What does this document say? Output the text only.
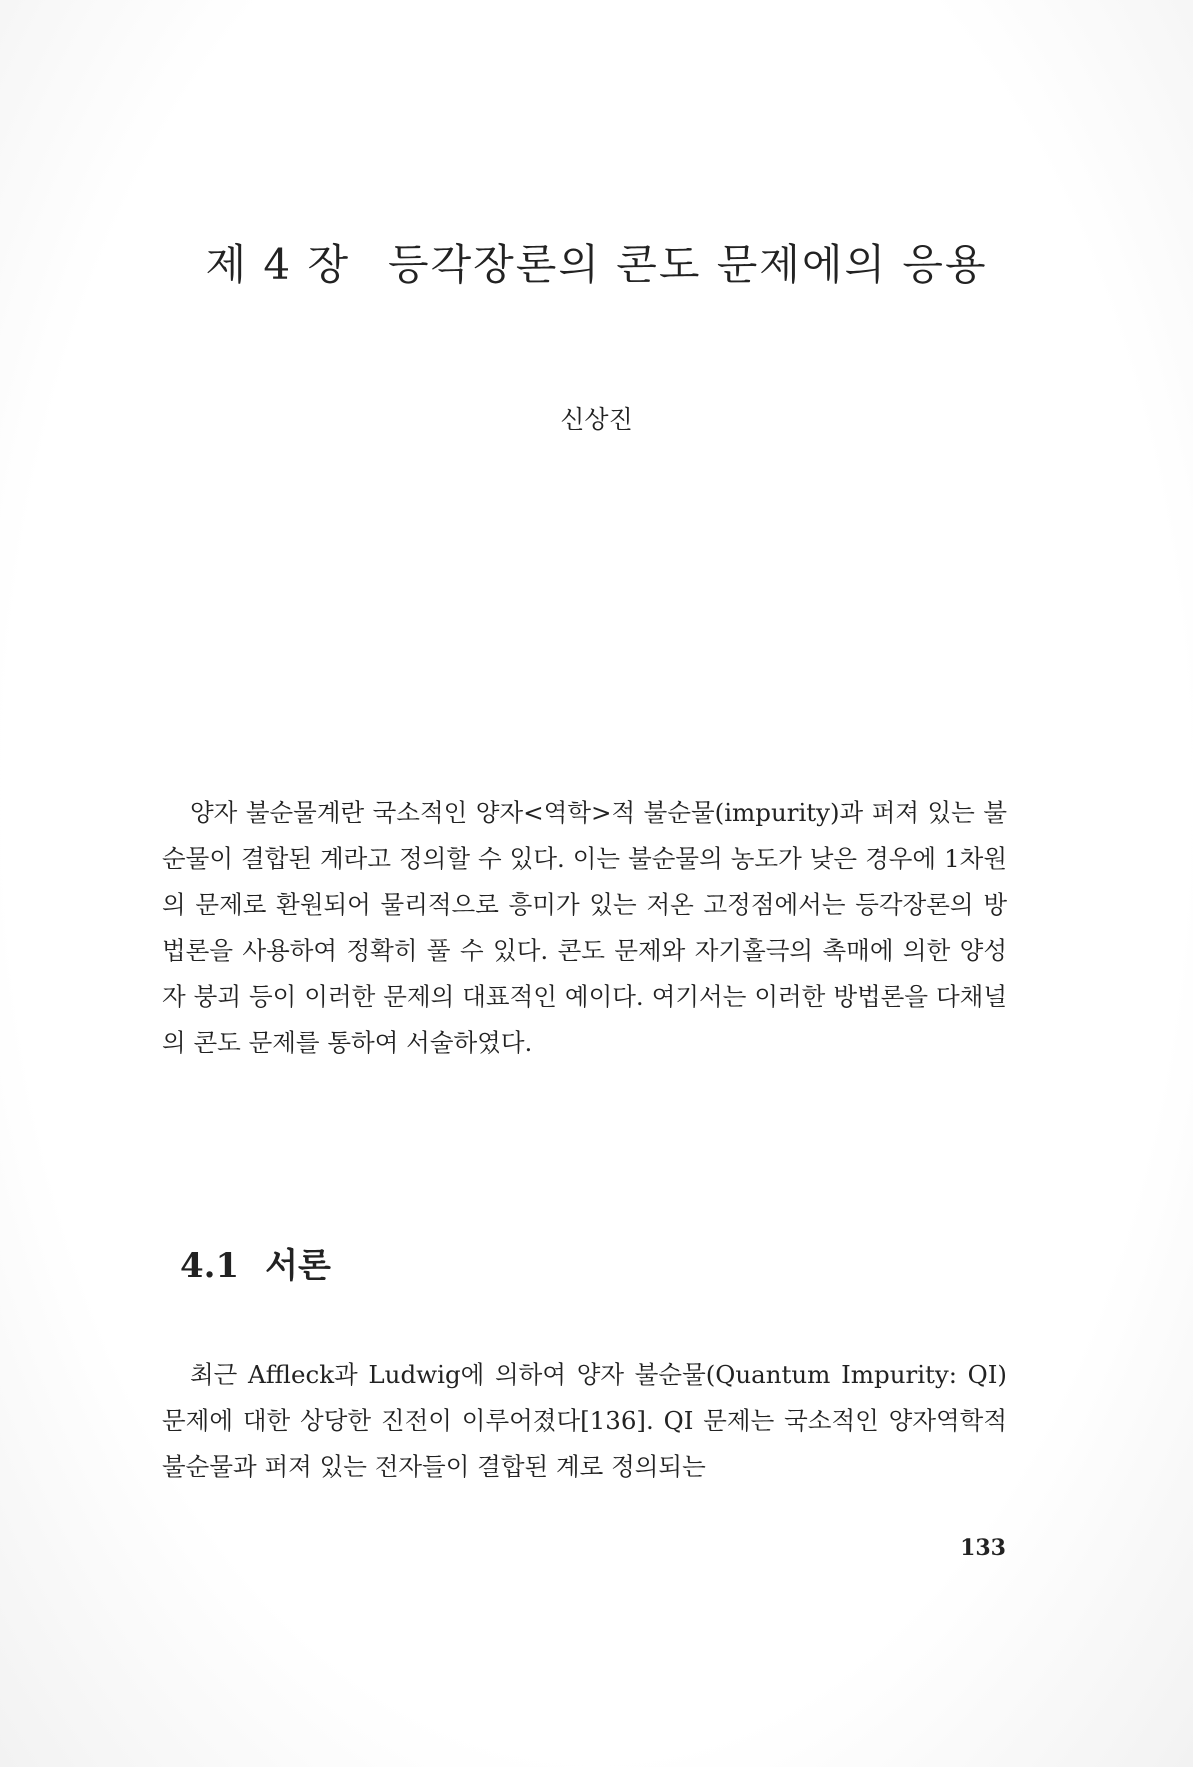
제 4 장 등각장론의 콘도 문제에의 응용
신상진

양자 불순물계란 국소적인 양자<역학>적 불순물(impurity)과 퍼져 있는 불순물이 결합된 계라고 정의할 수 있다. 이는 불순물의 농도가 낮은 경우에 1차원의 문제로 환원되어 물리적으로 흥미가 있는 저온 고정점에서는 등각장론의 방법론을 사용하여 정확히 풀 수 있다. 콘도 문제와 자기홀극의 촉매에 의한 양성자 붕괴 등이 이러한 문제의 대표적인 예이다. 여기서는 이러한 방법론을 다채널의 콘도 문제를 통하여 서술하였다.

4.1 서론

최근 Affleck과 Ludwig에 의하여 양자 불순물(Quantum Impurity: QI) 문제에 대한 상당한 진전이 이루어졌다[136]. QI 문제는 국소적인 양자역학적 불순물과 퍼져 있는 전자들이 결합된 계로 정의되는

133
